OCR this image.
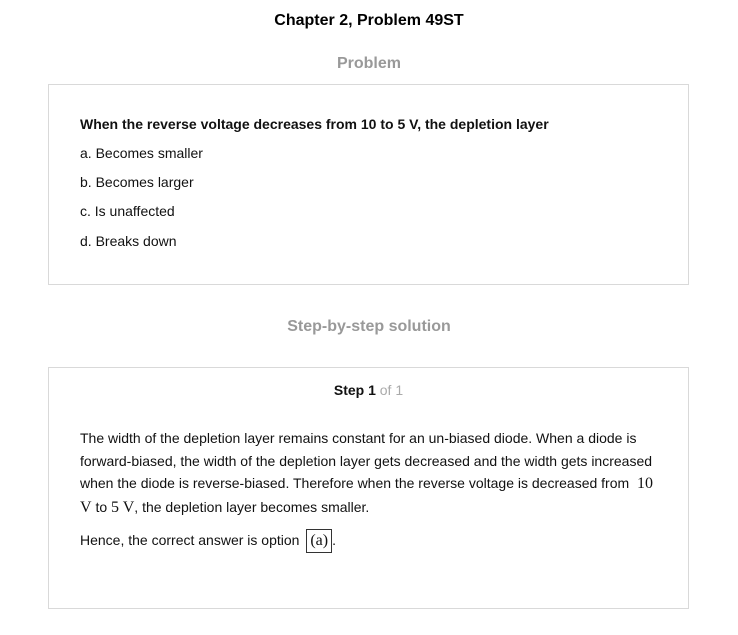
Chapter 2, Problem 49ST
Problem
When the reverse voltage decreases from 10 to 5 V, the depletion layer
a. Becomes smaller
b. Becomes larger
c. Is unaffected
d. Breaks down
Step-by-step solution
Step 1 of 1
The width of the depletion layer remains constant for an un-biased diode. When a diode is forward-biased, the width of the depletion layer gets decreased and the width gets increased when the diode is reverse-biased. Therefore when the reverse voltage is decreased from 10 V to 5 V, the depletion layer becomes smaller.
Hence, the correct answer is option (a) .
